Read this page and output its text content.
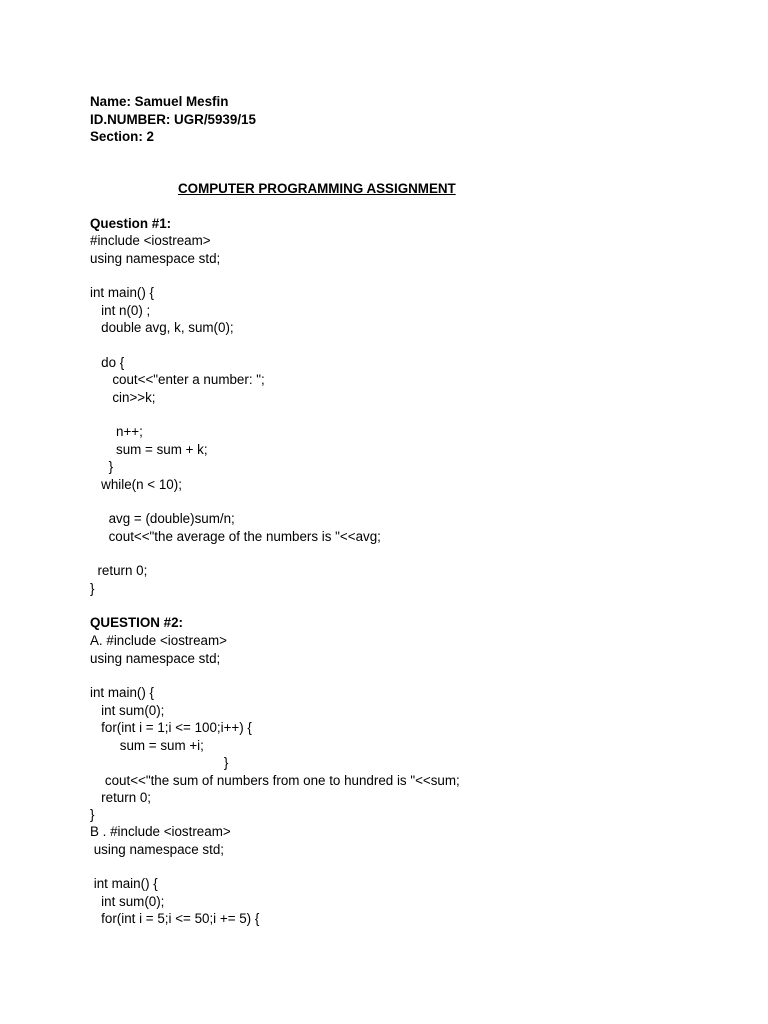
Name: Samuel Mesfin
ID.NUMBER: UGR/5939/15
Section: 2
COMPUTER PROGRAMMING ASSIGNMENT
Question #1:
#include <iostream>
using namespace std;
int main() {
int n(0) ;
double avg, k, sum(0);
do {
cout<<"enter a number: ";
cin>>k;
n++;
sum = sum + k;
}
while(n < 10);
avg = (double)sum/n;
cout<<"the average of the numbers is "<<avg;
return 0;
}
QUESTION #2:
A. #include <iostream>
using namespace std;
int main() {
int sum(0);
for(int i = 1;i <= 100;i++) {
sum = sum +i;
}
cout<<"the sum of numbers from one to hundred is "<<sum;
return 0;
}
B . #include <iostream>
using namespace std;
int main() {
int sum(0);
for(int i = 5;i <= 50;i += 5) {
